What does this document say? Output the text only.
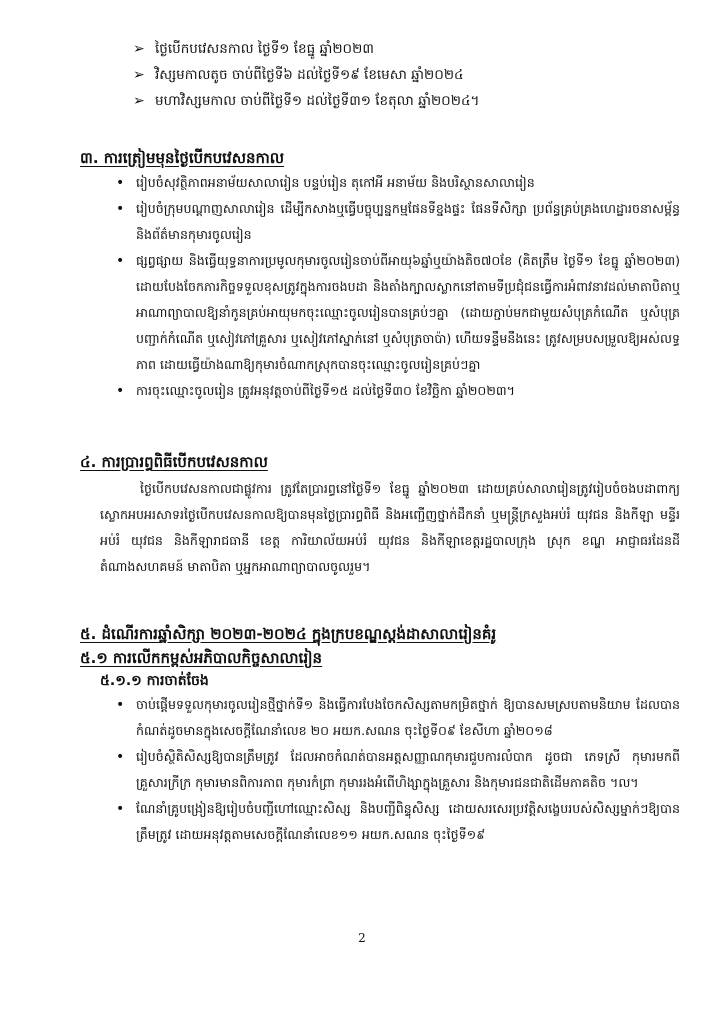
➢ ថ្ងៃបើកបវេសនកាល ថ្ងៃទី១ ខែធ្នូ ឆ្នាំ២០២៣
➢ វិស្សមកាលតូច ចាប់ពីថ្ងៃទី៦ ដល់ថ្ងៃទី១៩ ខែមេសា ឆ្នាំ២០២៤
➢ មហាវិស្សមកាល ចាប់ពីថ្ងៃទី១ ដល់ថ្ងៃទី៣១ ខែតុលា ឆ្នាំ២០២៤។
៣. ការត្រៀមមុនថ្ងៃបើកបវេសនកាល
• រៀបចំសុវត្ថិភាពអនាម័យសាលារៀន បន្ទប់រៀន តុកៅអី អនាម័យ និងបរិស្ថានសាលារៀន
• រៀបចំក្រុមបណ្តាញសាលារៀន ដើម្បីកសាងឬធ្វើបច្ចុប្បន្នកម្មផែនទីខ្នងផ្ទះ ផែនទីសិក្សា ប្រព័ន្ធគ្រប់គ្រងហេដ្ឋារចនាសម្ព័ន្ធ និងព័ត៌មានកុមារចូលរៀន
• ផ្សព្វផ្សាយ និងធ្វើយុទ្ធនាការប្រមូលកុមារចូលរៀនចាប់ពីអាយុ៦ឆ្នាំឬយ៉ាងតិច៧០ខែ (គិតត្រឹម ថ្ងៃទី១ ខែធ្នូ ឆ្នាំ២០២៣) ដោយបែងចែកភារកិច្ចទទួលខុសត្រូវក្នុងការចងបដា និងតាំងក្បាលស្លាកនៅតាមទីប្រជុំជនធ្វើការអំពាវនាវដល់មាតាបិតាឬអាណាព្យាបាលឱ្យនាំកូនគ្រប់អាយុមកចុះឈ្មោះចូលរៀនបានគ្រប់ៗគ្នា (ដោយភ្ជាប់មកជាមួយសំបុត្រកំណើត ឬសំបុត្របញ្ជាក់កំណើត ឬសៀវភៅគ្រួសារ ឬសៀវភៅស្នាក់នៅ ឬសំបុត្រចាប៉ា) ហើយទន្ទឹមនឹងនេះ ត្រូវសម្របសម្រួលឱ្យអស់លទ្ធភាព ដោយធ្វើយ៉ាងណាឱ្យកុមារចំណាកស្រុកបានចុះឈ្មោះចូលរៀនគ្រប់ៗគ្នា
• ការចុះឈ្មោះចូលរៀន ត្រូវអនុវត្តចាប់ពីថ្ងៃទី១៥ ដល់ថ្ងៃទី៣០ ខែវិច្ឆិកា ឆ្នាំ២០២៣។
៤. ការប្រារព្ធពិធីបើកបវេសនកាល

ថ្ងៃបើកបវេសនកាលជាផ្លូវការ ត្រូវតែប្រារព្ធនៅថ្ងៃទី១ ខែធ្នូ ឆ្នាំ២០២៣ ដោយគ្រប់សាលារៀនត្រូវរៀបចំចងបដាពាក្យស្លោកអបអរសាទរថ្ងៃបើកបវេសនកាលឱ្យបានមុនថ្ងៃប្រារព្ធពិធី និងអញ្ជើញថ្នាក់ដឹកនាំ ឬមន្ត្រីក្រសួងអប់រំ យុវជន និងកីឡា មន្ទីរអប់រំ យុវជន និងកីឡារាជធានី ខេត្ត ការិយាល័យអប់រំ យុវជន និងកីឡាខេត្តរដ្ឋបាលក្រុង ស្រុក ខណ្ឌ អាជ្ញាធរដែនដី តំណាងសហគមន៍ មាតាបិតា ឬអ្នកអាណាព្យាបាលចូលរួម។

៥. ដំណើរការឆ្នាំសិក្សា ២០២៣-២០២៤ ក្នុងក្របខណ្ឌស្តង់ដាសាលារៀនគំរូ
៥.១ ការលើកកម្ពស់អភិបាលកិច្ចសាលារៀន
៥.១.១ ការចាត់ចែង
• ចាប់ផ្តើមទទួលកុមារចូលរៀនថ្មីថ្នាក់ទី១ និងធ្វើការបែងចែកសិស្សតាមកម្រិតថ្នាក់ ឱ្យបានសមស្របតាមនិយាម ដែលបានកំណត់ដូចមានក្នុងសេចក្តីណែនាំលេខ ២០ អយក.សណន ចុះថ្ងៃទី០៩ ខែសីហា ឆ្នាំ២០១៨
• រៀបចំស្ថិតិសិស្សឱ្យបានត្រឹមត្រូវ ដែលអាចកំណត់បានអត្តសញ្ញាណកុមារជួបការលំបាក ដូចជា ភេទស្រី កុមារមកពីគ្រួសារក្រីក្រ កុមារមានពិការភាព កុមារកំព្រា កុមាររងអំពើហិង្សាក្នុងគ្រួសារ និងកុមារជនជាតិដើមភាគតិច ។ល។
• ណែនាំគ្រូបង្រៀនឱ្យរៀបចំបញ្ជីហៅឈ្មោះសិស្ស និងបញ្ជីពិន្ទុសិស្ស ដោយសរសេរប្រវត្តិសង្ខេបរបស់សិស្សម្នាក់ៗឱ្យបានត្រឹមត្រូវ ដោយអនុវត្តតាមសេចក្តីណែនាំលេខ១១ អយក.សណន ចុះថ្ងៃទី១៩
2
